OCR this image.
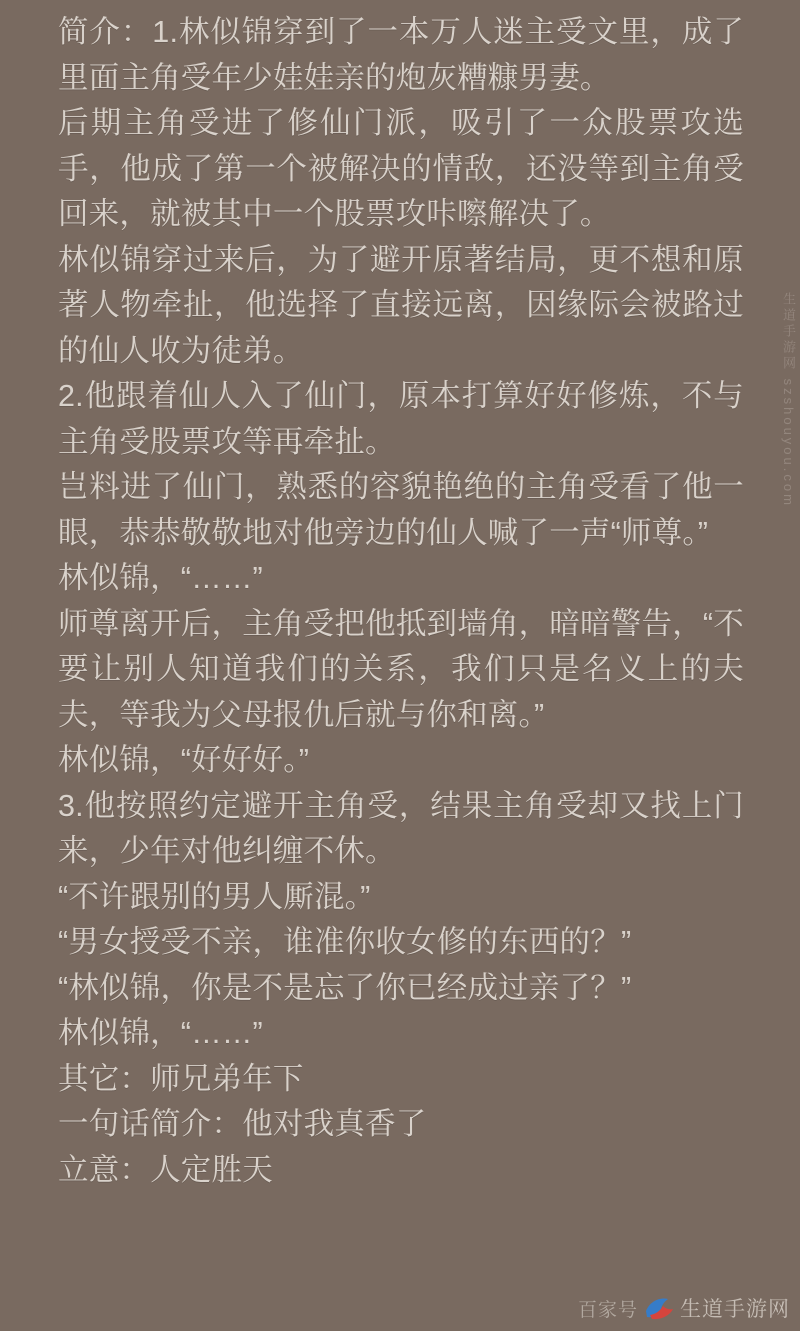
简介：1.林似锦穿到了一本万人迷主受文里，成了里面主角受年少娃娃亲的炮灰糟糠男妻。

后期主角受进了修仙门派，吸引了一众股票攻选手，他成了第一个被解决的情敌，还没等到主角受回来，就被其中一个股票攻咔嚓解决了。

林似锦穿过来后，为了避开原著结局，更不想和原著人物牵扯，他选择了直接远离，因缘际会被路过的仙人收为徒弟。

2.他跟着仙人入了仙门，原本打算好好修炼，不与主角受股票攻等再牵扯。

岂料进了仙门，熟悉的容貌艳绝的主角受看了他一眼，恭恭敬敬地对他旁边的仙人喊了一声“师尊。”

林似锦，“……”

师尊离开后，主角受把他抵到墙角，暗暗警告，“不要让别人知道我们的关系，我们只是名义上的夫夫，等我为父母报仇后就与你和离。”

林似锦，“好好好。”

3.他按照约定避开主角受，结果主角受却又找上门来，少年对他纠缠不休。

“不许跟别的男人厮混。”

“男女授受不亲，谁准你收女修的东西的？”

“林似锦，你是不是忘了你已经成过亲了？”

林似锦，“……”

其它：师兄弟年下

一句话简介：他对我真香了

立意：人定胜天

生道手游网 szshouyou.com
百家号 生道手游网
